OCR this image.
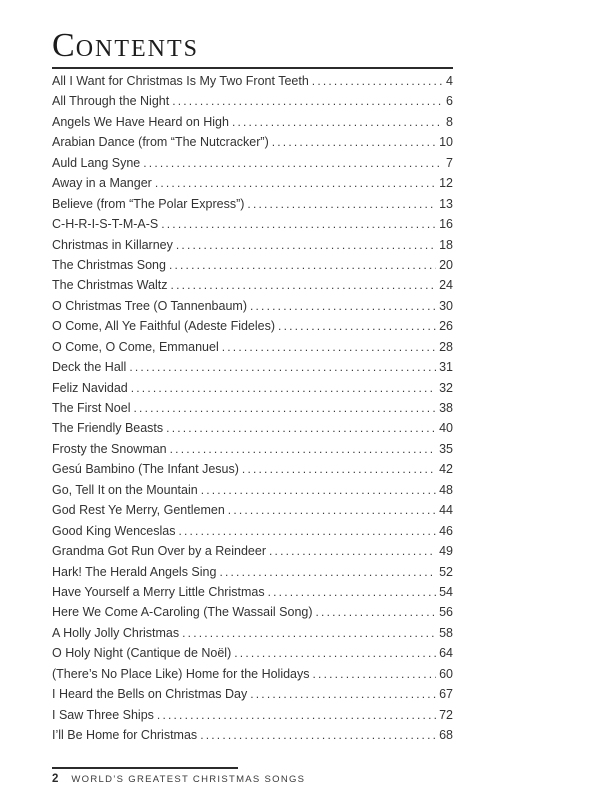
CONTENTS
All I Want for Christmas Is My Two Front Teeth .....	4
All Through the Night .....	6
Angels We Have Heard on High .....	8
Arabian Dance (from “The Nutcracker”) .....	10
Auld Lang Syne .....	7
Away in a Manger .....	12
Believe (from “The Polar Express”) .....	13
C-H-R-I-S-T-M-A-S .....	16
Christmas in Killarney .....	18
The Christmas Song .....	20
The Christmas Waltz .....	24
O Christmas Tree (O Tannenbaum) .....	30
O Come, All Ye Faithful (Adeste Fideles) .....	26
O Come, O Come, Emmanuel .....	28
Deck the Hall .....	31
Feliz Navidad .....	32
The First Noel .....	38
The Friendly Beasts .....	40
Frosty the Snowman .....	35
Gesú Bambino (The Infant Jesus) .....	42
Go, Tell It on the Mountain .....	48
God Rest Ye Merry, Gentlemen .....	44
Good King Wenceslas .....	46
Grandma Got Run Over by a Reindeer .....	49
Hark! The Herald Angels Sing .....	52
Have Yourself a Merry Little Christmas .....	54
Here We Come A-Caroling (The Wassail Song) .....	56
A Holly Jolly Christmas .....	58
O Holy Night (Cantique de Noël) .....	64
(There’s No Place Like) Home for the Holidays .....	60
I Heard the Bells on Christmas Day .....	67
I Saw Three Ships .....	72
I’ll Be Home for Christmas .....	68
2 WORLD’S GREATEST CHRISTMAS SONGS
